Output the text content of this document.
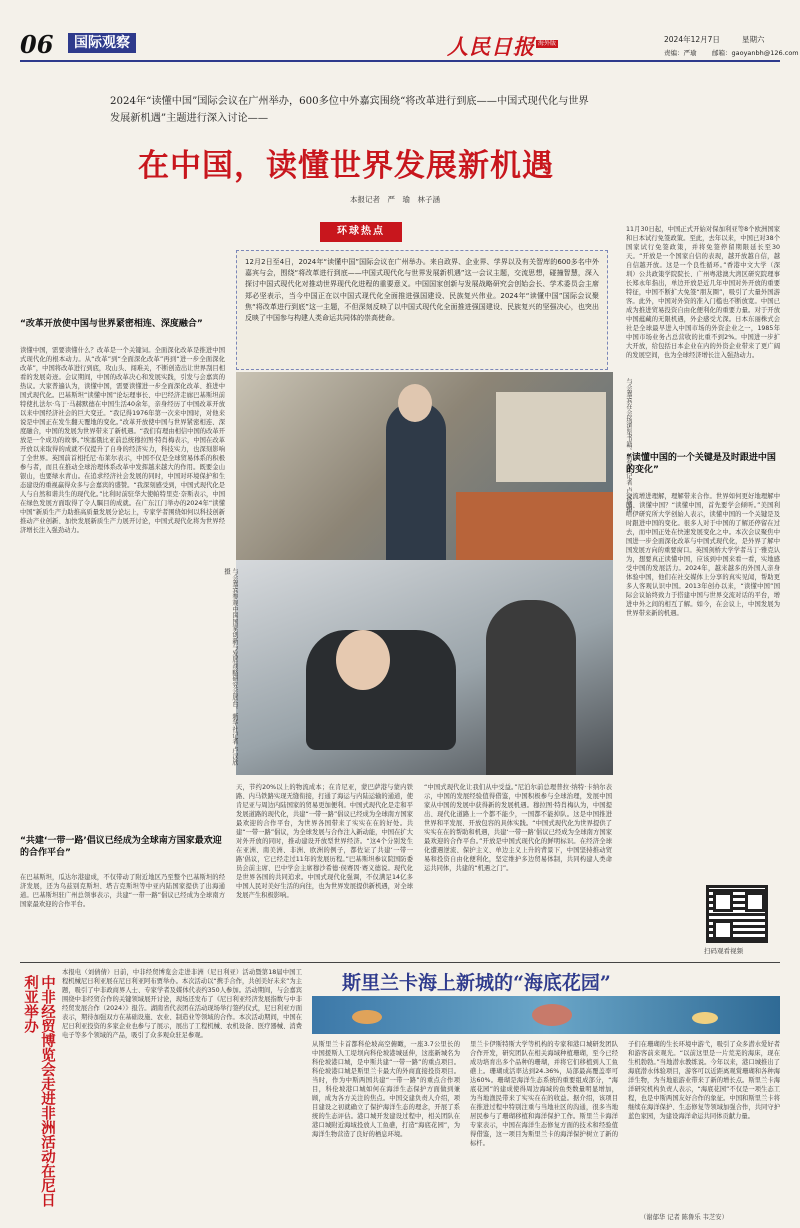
06	国际观察	人民日报 海外版	2024年12月7日	星期六
责编：严瑜 邮箱：gaoyanbh@126.com
2024年“读懂中国”国际会议在广州举办，600多位中外嘉宾围绕“将改革进行到底——中国式现代化与世界
发展新机遇”主题进行深入讨论——
在中国，读懂世界发展新机遇
本报记者　严　瑜　林子涵
环球热点
12月2日至4日，2024年“读懂中国”国际会议在广州举办。来自政界、企业界、学界以及有关智库的600多名中外嘉宾与会，围绕“将改革进行到底——中国式现代化与世界发展新机遇”这一会议主题，交流思想，碰撞智慧，深入探讨中国式现代化对推动世界现代化进程的重要意义。中国国家创新与发展战略研究会创始会长、学术委员会主席郑必坚表示，当今中国正在以中国式现代化全面推进强国建设、民族复兴伟业。2024年“读懂中国”国际会议聚焦“将改革进行到底”这一主题，不但深刻反映了以中国式现代化全面推进强国建设、民族复兴的坚强决心，也突出反映了中国参与构建人类命运共同体的崇高使命。
“改革开放使中国与世界紧密相连、深度融合”
读懂中国，需要读懂什么？改革是一个关键词。全面深化改革是推进中国式现代化的根本动力。从“改革”到“全面深化改革”再到“进一步全面深化改革”，中国将改革进行到底，攻山头、闯难关，不断创造出让世界刮目相看的发展奇迹。会议期间，中国的改革决心和发展实践，引发与会嘉宾的热议。大家普遍认为，读懂中国，需要读懂进一步全面深化改革、推进中国式现代化。巴基斯坦“读懂中国”论坛理事长、中巴经济走廊巴基斯坦前特使扎法尔·乌丁·马赫默德在中国生活40余年，亲身经历了中国改革开放以来中国经济社会的巨大变迁。“我记得1976年第一次来中国时，对他来说是中国正在发生翻天覆地的变化。”改革开放使中国与世界紧密相连、深度融合，中国的发展为世界带来了新机遇。“我们有理由相信中国的改革开放是一个成功的故事。”埃塞俄比亚前总统穆拉图·特肖梅表示，中国在改革开放以来取得的成就不仅提升了自身的经济实力，科技实力，也深刻影响了全世界。英国前首相托尼·布莱尔表示，中国不仅是全球贸易体系的积极参与者，而且在推动全球治理体系改革中发挥越来越大的作用。既要金山银山，也要绿水青山。在追求经济社会发展的同时，中国对环境保护和生态建设的重视赢得众多与会嘉宾的盛赞。“我深刻感受到，中国式现代化是人与自然和谐共生的现代化。”比利时前驻华大使帕特里克·奈斯表示，中国在绿色发展方面取得了令人瞩目的成就。在广东江门举办的2024年“读懂中国”新质生产力助推高质量发展分论坛上，专家学者围绕如何以科技创新推动产业创新、加快发展新质生产力展开讨论，中国式现代化将为世界经济增长注入强劲动力。
“共建‘一带一路’倡议已经成为全球南方国家最欢迎的合作平台”
在巴基斯坦，瓜达尔港建成，不仅带动了附近地区乃至整个巴基斯坦的经济发展，还为乌兹别克斯坦、塔吉克斯坦等中亚内陆国家提供了出海通道。巴基斯坦驻广州总领事表示，共建“一带一路”倡议已经成为全球南方国家最欢迎的合作平台。
与会嘉宾在会场浏览书籍。新华社记者 卢汉欣摄
与会嘉宾参观中国国家创新与发展战略研究会展台。新华社记者 卢汉欣摄
天，节约20%以上的物流成本；在肯尼亚，蒙巴萨港与蒙内铁路、内马铁路实现无缝衔接，打通了海运与内陆运输的通道，使肯尼亚与周边内陆国家的贸易更加便利。中国式现代化是走和平发展道路的现代化，共建“一带一路”倡议已经成为全球南方国家最欢迎的合作平台，为世界各国带来了实实在在的好处。共建“一带一路”倡议，为全球发展与合作注入新动能，中国在扩大对外开放的同时，推动建设开放型世界经济。“这4个分别发生在亚洲、南美洲、非洲、欧洲的例子，都佐证了共建‘一带一路’倡议，它已经走过11年的发展历程。”巴基斯坦参议院国防委员会前主席、巴中学会主席穆沙希德·侯赛因·赛义德说。现代化是世界各国的共同追求。中国式现代化强调，不仅满足14亿多中国人民对美好生活的向往，也为世界发展提供新机遇，对全球发展产生积极影响。
“中国式现代化让我们从中受益。”尼泊尔前总理普拉·纳特·卡纳尔表示，中国的发展经验值得借鉴，中国积极参与全球治理，发展中国家从中国的发展中获得新的发展机遇。穆拉图·特肖梅认为，中国提出、现代化道路上一个都不能少，一国都不能掉队。这是中国推进世界和平发展、开放包容的具体实践。“中国式现代化为世界提供了实实在在的帮助和机遇，共建‘一带一路’倡议已经成为全球南方国家最欢迎的合作平台。”开放是中国式现代化的鲜明标识。在经济全球化遭遇逆流、保护主义、单边主义上升的背景下，中国坚持推动贸易和投资自由化便利化，坚定维护多边贸易体制，共同构建人类命运共同体，共建的“机遇之门”。
11月30日起，中国正式开始对保加利亚等8个欧洲国家和日本试行免签政策。至此，去年以来，中国已对38个国家试行免签政策，并将免签停留期限延长至30天。“开放是一个国家自信的表现，越开放越自信，越自信越开放。这是一个良性循环。”香港中文大学（深圳）公共政策学院院长、广州粤港澳大湾区研究院理事长郑永年指出，单边开放是近几年中国对外开放的重要特征，中国不断扩大免签“朋友圈”，吸引了大量外国游客。此外，中国对外资的准入门槛也不断放宽。中国已成为推进贸易投资自由化便利化的重要力量。对于开放中国蕴藏的无限机遇，外企感受尤深。日本东丽株式会社是全球最早进入中国市场的外资企业之一，1985年中国市场业务占总营收的比重不到2%。中国进一步扩大开放，给包括日本企业在内的外资企业带来了更广阔的发展空间，也为全球经济增长注入强劲动力。
“读懂中国的一个关键是及时跟进中国的变化”
交流增进理解，理解带来合作。世界如何更好地理解中国、读懂中国？“读懂中国，首先要学会倾听。”美国利哈伊研究所大学创始人表示，读懂中国的一个关键是及时跟进中国的变化。很多人对于中国的了解还停留在过去，而中国正处在快速发展变化之中。本次会议聚焦中国进一步全面深化改革与中国式现代化，是外界了解中国发展方向的重要窗口。英国剑桥大学学者马丁·雅克认为，想要真正读懂中国，应该到中国来看一看，实地感受中国的发展活力。2024年，越来越多的外国人亲身体验中国，他们在社交媒体上分享的真实见闻，帮助更多人客观认识中国。2013年创办以来，“读懂中国”国际会议始终致力于搭建中国与世界交流对话的平台，增进中外之间的相互了解。如今，在会议上，中国发展为世界带来新的机遇。
扫码观看视频
中非经贸博览会走进非洲活动在尼日利亚举办
本报电（刘倩倩）日前，中非经贸博览会走进非洲（尼日利亚）活动暨第18届中国工程机械尼日利亚展在尼日利亚阿布贾举办。本次活动以“携手合作，共创美好未来”为主题，吸引了中非政商界人士、专家学者及媒体代表约350人参加。活动期间，与会嘉宾围绕中非经贸合作的关键领域展开讨论，现场还发布了《尼日利亚经济发展指数与中非经贸发展合作（2024）》报告。湖南省代表团在活动现场举行签约仪式，尼日利亚方面表示，期待加强双方在基础设施、农业、制造业等领域的合作。本次活动期间，中国在尼日利亚投资的多家企业也参与了展示，展出了工程机械、农机设备、医疗器械、消费电子等多个领域的产品，吸引了众多观众驻足参观。
斯里兰卡海上新城的“海底花园”
从斯里兰卡首都科伦坡高空俯瞰，一座3.7公里长的中国援斯人工堤坝向科伦坡港城延伸，这座新城名为科伦坡港口城，是中斯共建“一带一路”的重点项目。科伦坡港口城是斯里兰卡最大的外商直接投资项目。当时，作为中斯两国共建“一带一路”的重点合作项目，科伦坡港口城如何在海洋生态保护方面做到兼顾，成为各方关注的焦点。中国交建负责人介绍，项目建设之初就确立了保护海洋生态的理念，开展了系统的生态评估。港口城开发建设过程中，相关团队在港口城附近海域投放人工鱼礁，打造“海底花园”，为海洋生物营造了良好的栖息环境。
里兰卡伊斯特斯大学等机构的专家和港口城研发团队合作开发，研究团队在相关海域种植珊瑚，至今已经成功培育出多个品种的珊瑚，并将它们移植到人工鱼礁上。珊瑚成活率达到24.36%，局部最高覆盖率可达60%。珊瑚是海洋生态系统的重要组成部分，“海底花园”的建成使得周边海域的鱼类数量明显增加，为当地渔民带来了实实在在的收益。据介绍，该项目在推进过程中特别注重与当地社区的沟通，很多当地居民参与了珊瑚移植和海洋保护工作。斯里兰卡海洋专家表示，中国在海洋生态修复方面的技术和经验值得借鉴，这一项目为斯里兰卡的海洋保护树立了新的标杆。
子们在珊瑚的生长环境中游弋，吸引了众多潜水爱好者和游客前来观光。“以前这里是一片荒芜的海床，现在生机勃勃。”当地潜水教练说。今年以来，港口城推出了海底潜水体验项目，游客可以近距离观赏珊瑚和各种海洋生物，为当地旅游业带来了新的增长点。斯里兰卡海洋研究机构负责人表示，“海底花园”不仅是一项生态工程，也是中斯两国友好合作的象征。中国和斯里兰卡将继续在海洋保护、生态修复等领域加强合作，共同守护蓝色家园，为建设海洋命运共同体贡献力量。
（谢郁华 记者 陈鲁乐 韦芝安）
